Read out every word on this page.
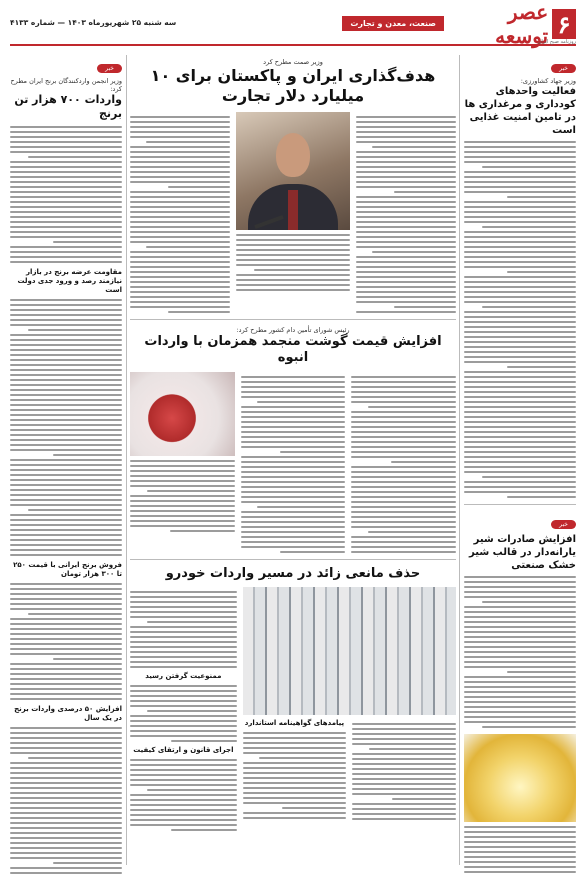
۶
عصر توسعه
روزنامه صبح ایران
صنعت، معدن و تجارت
سه شنبه ۲۵ شهریورماه ۱۴۰۳ — شماره ۴۱۳۳
خبر
وزیر جهاد کشاورزی:
فعالیت واحدهای کود‌داری و مرغداری ها در تامین امنیت غذایی است
خبر
افزایش صادرات شیر یارانه‌دار در قالب شیر خشک صنعتی
وزیر صمت مطرح کرد
هدف‌گذاری ایران و پاکستان برای ۱۰ میلیارد دلار تجارت
رئیس شورای تأمین دام کشور مطرح کرد:
افزایش قیمت گوشت منجمد همزمان با واردات انبوه
حذف مانعی زائد در مسیر واردات خودرو
پیامدهای گواهینامه استاندارد
ممنوعیت گرفتن رسید
اجرای قانون و ارتقای کیفیت
خبر
وزیر انجمن واردکنندگان برنج ایران مطرح کرد:
واردات ۷۰۰ هزار تن برنج
مقاومت عرضه برنج در بازار نیازمند رصد و ورود جدی دولت است
فروش برنج ایرانی با قیمت ۲۵۰ تا ۳۰۰ هزار تومان
افزایش ۵۰ درصدی واردات برنج در یک سال
